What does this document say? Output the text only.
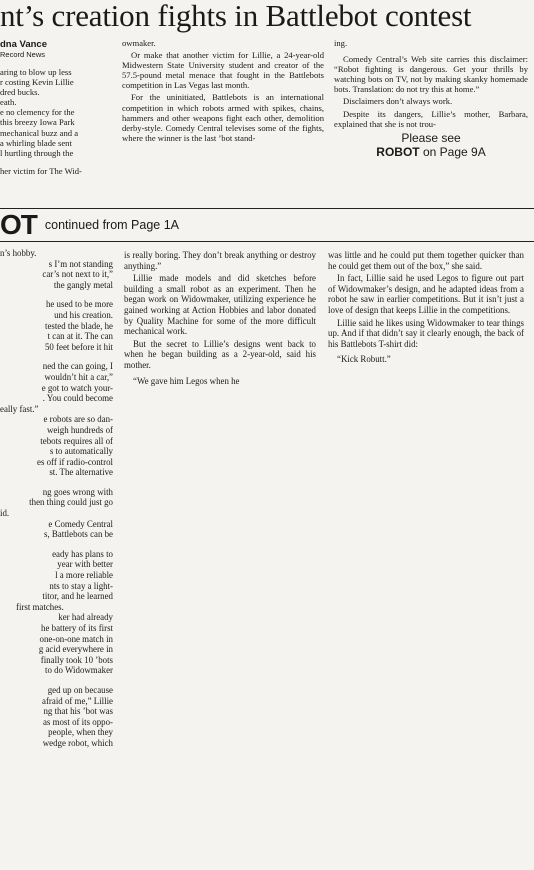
nt’s creation fights in Battlebot contest
dna Vance
Record News
aring to blow up less
r costing Kevin Lillie
dred bucks.
eath.
e no clemency for the
this breezy Iowa Park
mechanical buzz and a
a whirling blade sent
l hurtling through the
her victim for The Wid-

owmaker.

Or make that another victim for Lillie, a 24-year-old Midwestern State University student and creator of the 57.5-pound metal menace that fought in the Battlebots competition in Las Vegas last month.

For the uninitiated, Battlebots is an international competition in which robots armed with spikes, chains, hammers and other weapons fight each other, demolition derby-style. Comedy Central televises some of the fights, where the winner is the last ’bot stand-

ing.

Comedy Central’s Web site carries this disclaimer: “Robot fighting is dangerous. Get your thrills by watching bots on TV, not by making skanky homemade bots. Translation: do not try this at home.”

Disclaimers don’t always work.

Despite its dangers, Lillie’s mother, Barbara, explained that she is not trou-

Please see
ROBOT on Page 9A
OT continued from Page 1A
n’s hobby.
s I’m not standing
car’s not next to it,”
the gangly metal
he used to be more
und his creation.
tested the blade, he
t can at it. The can
50 feet before it hit
ned the can going, I
wouldn’t hit a car,”
e got to watch your-
. You could become
eally fast.”
e robots are so dan-
weigh hundreds of
tebots requires all of
s to automatically
es off if radio-control
st. The alternative
ng goes wrong with
then thing could just go
id.
e Comedy Central
s, Battlebots can be
eady has plans to
year with better
l a more reliable
nts to stay a light-
titor, and he learned
first matches.
ker had already
he battery of its first
one-on-one match in
g acid everywhere in
finally took 10 ’bots
to do Widowmaker
ged up on because
afraid of me,” Lillie
ng that his ’bot was
as most of its oppo-
people, when they
wedge robot, which

is really boring. They don’t break anything or destroy anything.”

Lillie made models and did sketches before building a small robot as an experiment. Then he began work on Widowmaker, utilizing experience he gained working at Action Hobbies and labor donated by Quality Machine for some of the more difficult mechanical work.

But the secret to Lillie’s designs went back to when he began building as a 2-year-old, said his mother.

“We gave him Legos when he

was little and he could put them together quicker than he could get them out of the box,” she said.

In fact, Lillie said he used Legos to figure out part of Widowmaker’s design, and he adapted ideas from a robot he saw in earlier competitions. But it isn’t just a love of design that keeps Lillie in the competitions.

Lillie said he likes using Widowmaker to tear things up. And if that didn’t say it clearly enough, the back of his Battlebots T-shirt did:

“Kick Robutt.”
